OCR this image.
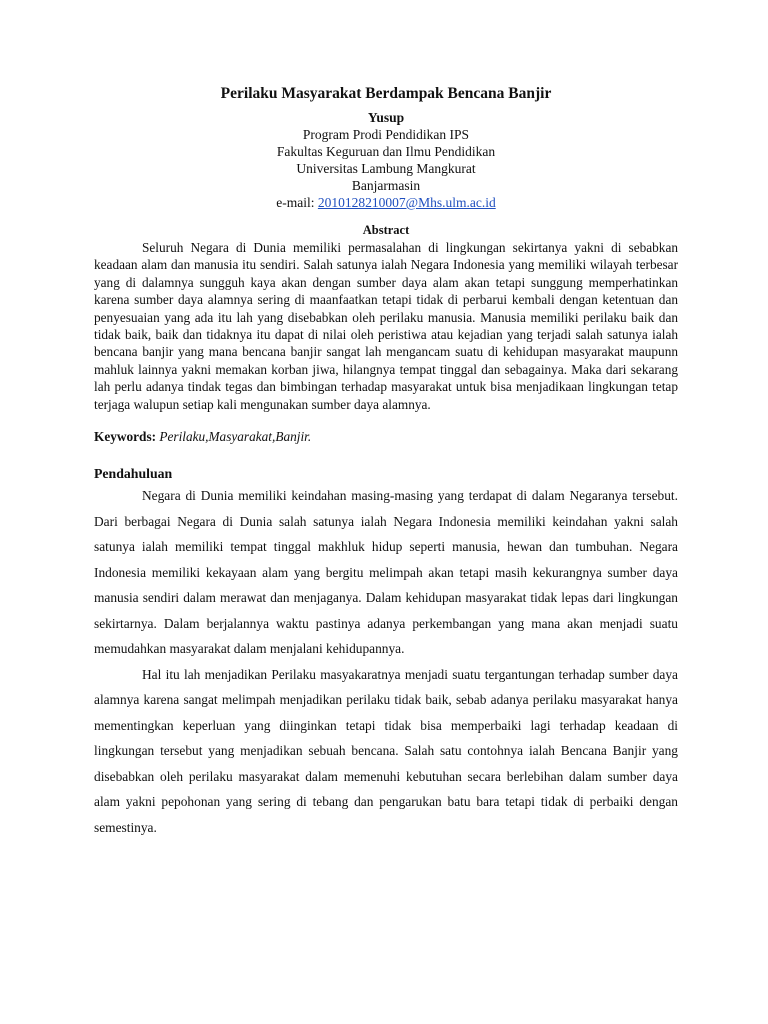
Perilaku Masyarakat Berdampak Bencana Banjir
Yusup
Program Prodi Pendidikan IPS
Fakultas Keguruan dan Ilmu Pendidikan
Universitas Lambung Mangkurat
Banjarmasin
e-mail: 2010128210007@Mhs.ulm.ac.id
Abstract

Seluruh Negara di Dunia memiliki permasalahan di lingkungan sekirtanya yakni di sebabkan keadaan alam dan manusia itu sendiri. Salah satunya ialah Negara Indonesia yang memiliki wilayah terbesar yang di dalamnya sungguh kaya akan dengan sumber daya alam akan tetapi sunggung memperhatinkan karena sumber daya alamnya sering di maanfaatkan tetapi tidak di perbarui kembali dengan ketentuan dan penyesuaian yang ada itu lah yang disebabkan oleh perilaku manusia. Manusia memiliki perilaku baik dan tidak baik, baik dan tidaknya itu dapat di nilai oleh peristiwa atau kejadian yang terjadi salah satunya ialah bencana banjir yang mana bencana banjir sangat lah mengancam suatu di kehidupan masyarakat maupunn mahluk lainnya yakni memakan korban jiwa, hilangnya tempat tinggal dan sebagainya. Maka dari sekarang lah perlu adanya tindak tegas dan bimbingan terhadap masyarakat untuk bisa menjadikaan lingkungan tetap terjaga walupun setiap kali mengunakan sumber daya alamnya.

Keywords: Perilaku,Masyarakat,Banjir.
Pendahuluan

Negara di Dunia memiliki keindahan masing-masing yang terdapat di dalam Negaranya tersebut. Dari berbagai Negara di Dunia salah satunya ialah Negara Indonesia memiliki keindahan yakni salah satunya ialah memiliki tempat tinggal makhluk hidup seperti manusia, hewan dan tumbuhan. Negara Indonesia memiliki kekayaan alam yang bergitu melimpah akan tetapi masih kekurangnya sumber daya manusia sendiri dalam merawat dan menjaganya. Dalam kehidupan masyarakat tidak lepas dari lingkungan sekirtarnya. Dalam berjalannya waktu pastinya adanya perkembangan yang mana akan menjadi suatu memudahkan masyarakat dalam menjalani kehidupannya.

Hal itu lah menjadikan Perilaku masyakaratnya menjadi suatu tergantungan terhadap sumber daya alamnya karena sangat melimpah menjadikan perilaku tidak baik, sebab adanya perilaku masyarakat hanya mementingkan keperluan yang diinginkan tetapi tidak bisa memperbaiki lagi terhadap keadaan di lingkungan tersebut yang menjadikan sebuah bencana. Salah satu contohnya ialah Bencana Banjir yang disebabkan oleh perilaku masyarakat dalam memenuhi kebutuhan secara berlebihan dalam sumber daya alam yakni pepohonan yang sering di tebang dan pengarukan batu bara tetapi tidak di perbaiki dengan semestinya.
